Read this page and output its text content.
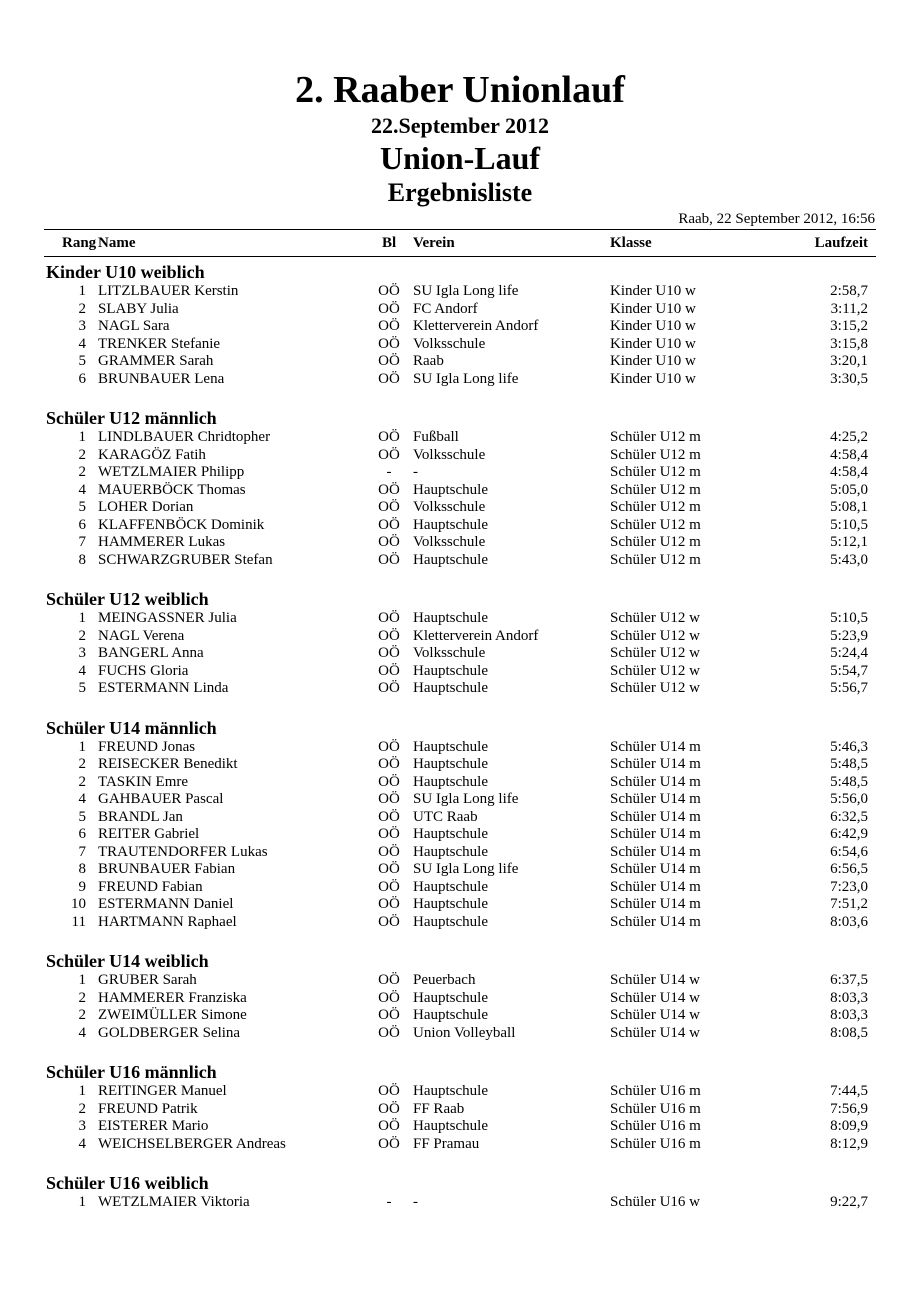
2. Raaber Unionlauf
22.September 2012
Union-Lauf
Ergebnisliste
Raab, 22 September 2012, 16:56
Rang Name	Bl Verein	Klasse	Laufzeit
Kinder U10 weiblich
1 LITZLBAUER Kerstin	OÖ SU Igla Long life	Kinder U10 w	2:58,7
2 SLABY Julia	OÖ FC Andorf	Kinder U10 w	3:11,2
3 NAGL Sara	OÖ Kletterverein Andorf	Kinder U10 w	3:15,2
4 TRENKER Stefanie	OÖ Volksschule	Kinder U10 w	3:15,8
5 GRAMMER Sarah	OÖ Raab	Kinder U10 w	3:20,1
6 BRUNBAUER Lena	OÖ SU Igla Long life	Kinder U10 w	3:30,5
Schüler U12 männlich
1 LINDLBAUER Chridtopher	OÖ Fußball	Schüler U12 m	4:25,2
2 KARAGÖZ Fatih	OÖ Volksschule	Schüler U12 m	4:58,4
2 WETZLMAIER Philipp	-	-	Schüler U12 m	4:58,4
4 MAUERBÖCK Thomas	OÖ Hauptschule	Schüler U12 m	5:05,0
5 LOHER Dorian	OÖ Volksschule	Schüler U12 m	5:08,1
6 KLAFFENBÖCK Dominik	OÖ Hauptschule	Schüler U12 m	5:10,5
7 HAMMERER Lukas	OÖ Volksschule	Schüler U12 m	5:12,1
8 SCHWARZGRUBER Stefan	OÖ Hauptschule	Schüler U12 m	5:43,0
Schüler U12 weiblich
1 MEINGASSNER Julia	OÖ Hauptschule	Schüler U12 w	5:10,5
2 NAGL Verena	OÖ Kletterverein Andorf	Schüler U12 w	5:23,9
3 BANGERL Anna	OÖ Volksschule	Schüler U12 w	5:24,4
4 FUCHS Gloria	OÖ Hauptschule	Schüler U12 w	5:54,7
5 ESTERMANN Linda	OÖ Hauptschule	Schüler U12 w	5:56,7
Schüler U14 männlich
1 FREUND Jonas	OÖ Hauptschule	Schüler U14 m	5:46,3
2 REISECKER Benedikt	OÖ Hauptschule	Schüler U14 m	5:48,5
2 TASKIN Emre	OÖ Hauptschule	Schüler U14 m	5:48,5
4 GAHBAUER Pascal	OÖ SU Igla Long life	Schüler U14 m	5:56,0
5 BRANDL Jan	OÖ UTC Raab	Schüler U14 m	6:32,5
6 REITER Gabriel	OÖ Hauptschule	Schüler U14 m	6:42,9
7 TRAUTENDORFER Lukas	OÖ Hauptschule	Schüler U14 m	6:54,6
8 BRUNBAUER Fabian	OÖ SU Igla Long life	Schüler U14 m	6:56,5
9 FREUND Fabian	OÖ Hauptschule	Schüler U14 m	7:23,0
10 ESTERMANN Daniel	OÖ Hauptschule	Schüler U14 m	7:51,2
11 HARTMANN Raphael	OÖ Hauptschule	Schüler U14 m	8:03,6
Schüler U14 weiblich
1 GRUBER Sarah	OÖ Peuerbach	Schüler U14 w	6:37,5
2 HAMMERER Franziska	OÖ Hauptschule	Schüler U14 w	8:03,3
2 ZWEIMÜLLER Simone	OÖ Hauptschule	Schüler U14 w	8:03,3
4 GOLDBERGER Selina	OÖ Union Volleyball	Schüler U14 w	8:08,5
Schüler U16 männlich
1 REITINGER Manuel	OÖ Hauptschule	Schüler U16 m	7:44,5
2 FREUND Patrik	OÖ FF Raab	Schüler U16 m	7:56,9
3 EISTERER Mario	OÖ Hauptschule	Schüler U16 m	8:09,9
4 WEICHSELBERGER Andreas	OÖ FF Pramau	Schüler U16 m	8:12,9
Schüler U16 weiblich
1 WETZLMAIER Viktoria	-	-	Schüler U16 w	9:22,7
